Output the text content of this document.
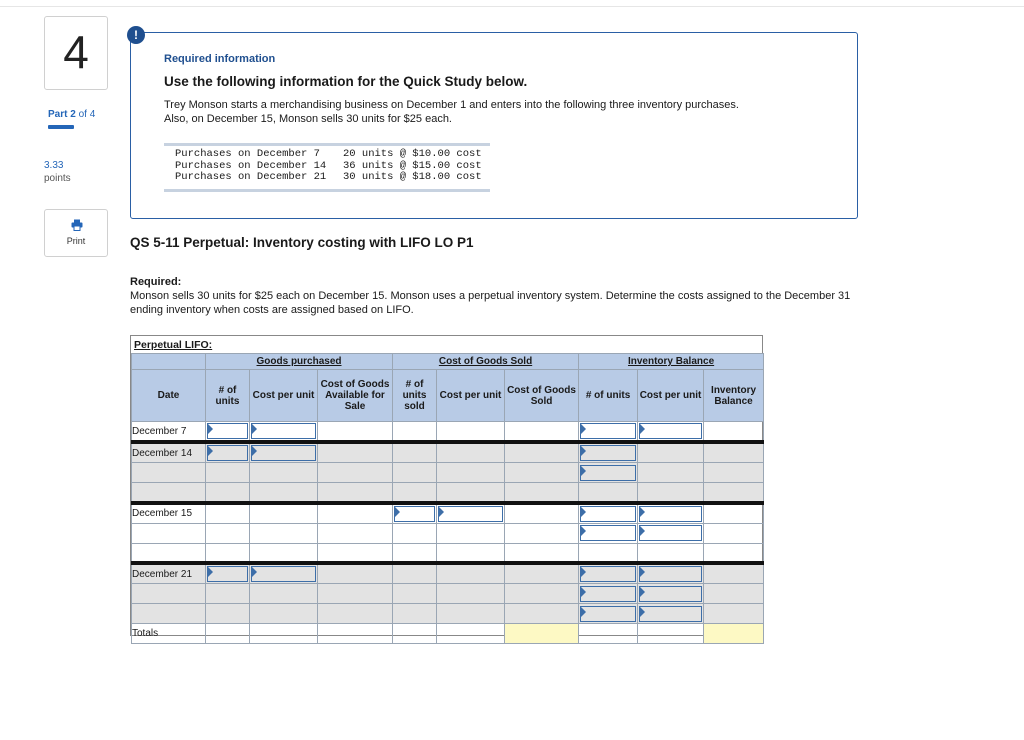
4
Part 2 of 4
3.33
points
Print
Required information
Use the following information for the Quick Study below.
Trey Monson starts a merchandising business on December 1 and enters into the following three inventory purchases.
Also, on December 15, Monson sells 30 units for $25 each.
Purchases on December 7 20 units @ $10.00 cost
Purchases on December 14 36 units @ $15.00 cost
Purchases on December 21 30 units @ $18.00 cost
!
QS 5-11 Perpetual: Inventory costing with LIFO LO P1
Required:
Monson sells 30 units for $25 each on December 15. Monson uses a perpetual inventory system. Determine the costs assigned to the December 31 ending inventory when costs are assigned based on LIFO.
Perpetual LIFO:
	Goods purchased			Cost of Goods Sold			Inventory Balance		
Date	# of units	Cost per unit	Cost of Goods Available for Sale	# of units sold	Cost per unit	Cost of Goods Sold	# of units	Cost per unit	Inventory Balance
December 7	

December 14	

December 15				

December 21	

Totals									
